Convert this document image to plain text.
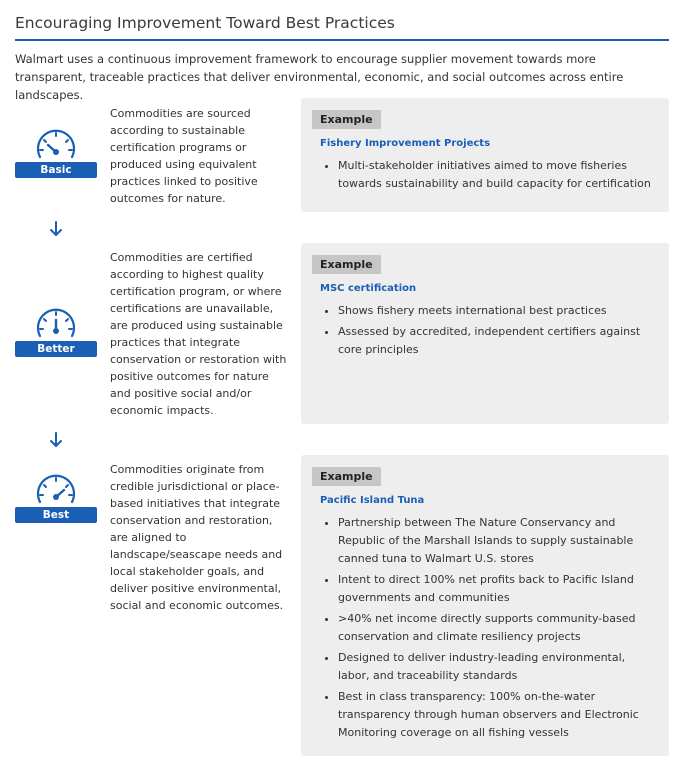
Encouraging Improvement Toward Best Practices

Walmart uses a continuous improvement framework to encourage supplier movement towards more transparent, traceable practices that deliver environmental, economic, and social outcomes across entire landscapes.

Basic

Commodities are sourced according to sustainable certification programs or produced using equivalent practices linked to positive outcomes for nature.

Example
Fishery Improvement Projects
• Multi-stakeholder initiatives aimed to move fisheries towards sustainability and build capacity for certification
Better

Commodities are certified according to highest quality certification program, or where certifications are unavailable, are produced using sustainable practices that integrate conservation or restoration with positive outcomes for nature and positive social and/or economic impacts.

Example
MSC certification
• Shows fishery meets international best practices
• Assessed by accredited, independent certifiers against core principles
Best

Commodities originate from credible jurisdictional or place-based initiatives that integrate conservation and restoration, are aligned to landscape/seascape needs and local stakeholder goals, and deliver positive environmental, social and economic outcomes.

Example
Pacific Island Tuna
• Partnership between The Nature Conservancy and Republic of the Marshall Islands to supply sustainable canned tuna to Walmart U.S. stores
• Intent to direct 100% net profits back to Pacific Island governments and communities
• >40% net income directly supports community-based conservation and climate resiliency projects
• Designed to deliver industry-leading environmental, labor, and traceability standards
• Best in class transparency: 100% on-the-water transparency through human observers and Electronic Monitoring coverage on all fishing vessels
